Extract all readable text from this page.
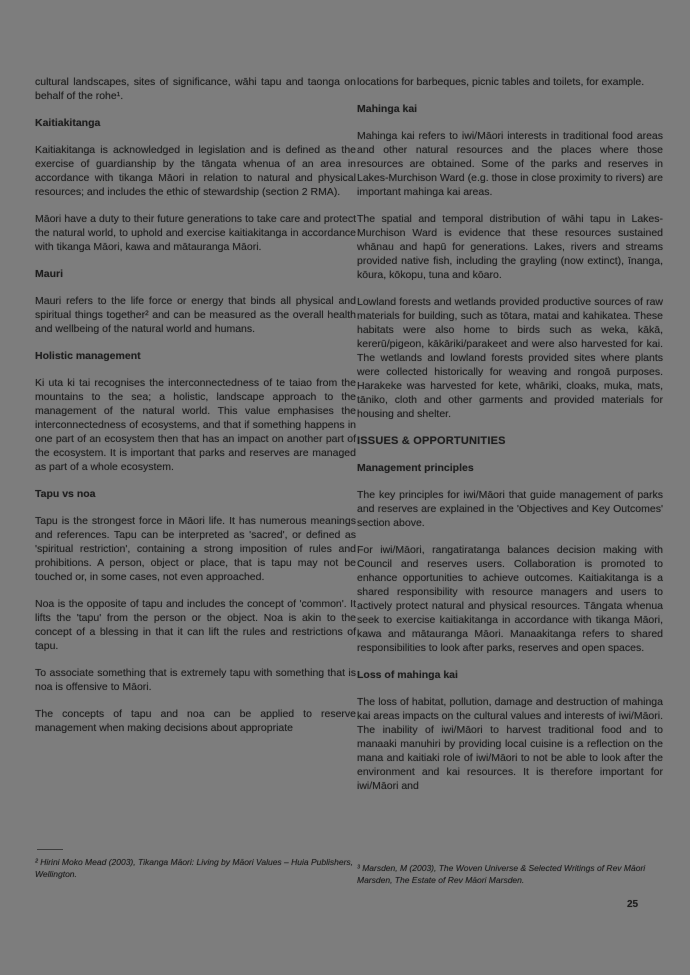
cultural landscapes, sites of significance, wāhi tapu and taonga on behalf of the rohe¹.

Kaitiakitanga

Kaitiakitanga is acknowledged in legislation and is defined as the exercise of guardianship by the tāngata whenua of an area in accordance with tikanga Māori in relation to natural and physical resources; and includes the ethic of stewardship (section 2 RMA).

Māori have a duty to their future generations to take care and protect the natural world, to uphold and exercise kaitiakitanga in accordance with tikanga Māori, kawa and mātauranga Māori.

Mauri

Mauri refers to the life force or energy that binds all physical and spiritual things together² and can be measured as the overall health and wellbeing of the natural world and humans.

Holistic management

Ki uta ki tai recognises the interconnectedness of te taiao from the mountains to the sea; a holistic, landscape approach to the management of the natural world. This value emphasises the interconnectedness of ecosystems, and that if something happens in one part of an ecosystem then that has an impact on another part of the ecosystem. It is important that parks and reserves are managed as part of a whole ecosystem.

Tapu vs noa

Tapu is the strongest force in Māori life. It has numerous meanings and references. Tapu can be interpreted as 'sacred', or defined as 'spiritual restriction', containing a strong imposition of rules and prohibitions. A person, object or place, that is tapu may not be touched or, in some cases, not even approached.

Noa is the opposite of tapu and includes the concept of 'common'. It lifts the 'tapu' from the person or the object. Noa is akin to the concept of a blessing in that it can lift the rules and restrictions of tapu.

To associate something that is extremely tapu with something that is noa is offensive to Māori.

The concepts of tapu and noa can be applied to reserve management when making decisions about appropriate

locations for barbeques, picnic tables and toilets, for example.

Mahinga kai

Mahinga kai refers to iwi/Māori interests in traditional food areas and other natural resources and the places where those resources are obtained. Some of the parks and reserves in Lakes-Murchison Ward (e.g. those in close proximity to rivers) are important mahinga kai areas.

The spatial and temporal distribution of wāhi tapu in Lakes-Murchison Ward is evidence that these resources sustained whānau and hapū for generations. Lakes, rivers and streams provided native fish, including the grayling (now extinct), īnanga, kōura, kōkopu, tuna and kōaro.

Lowland forests and wetlands provided productive sources of raw materials for building, such as tōtara, matai and kahikatea. These habitats were also home to birds such as weka, kākā, kererū/pigeon, kākāriki/parakeet and were also harvested for kai. The wetlands and lowland forests provided sites where plants were collected historically for weaving and rongoā purposes. Harakeke was harvested for kete, whāriki, cloaks, muka, mats, tāniko, cloth and other garments and provided materials for housing and shelter.

ISSUES & OPPORTUNITIES

Management principles

The key principles for iwi/Māori that guide management of parks and reserves are explained in the 'Objectives and Key Outcomes' section above.

For iwi/Māori, rangatiratanga balances decision making with Council and reserves users. Collaboration is promoted to enhance opportunities to achieve outcomes. Kaitiakitanga is a shared responsibility with resource managers and users to actively protect natural and physical resources. Tāngata whenua seek to exercise kaitiakitanga in accordance with tikanga Māori, kawa and mātauranga Māori. Manaakitanga refers to shared responsibilities to look after parks, reserves and open spaces.

Loss of mahinga kai

The loss of habitat, pollution, damage and destruction of mahinga kai areas impacts on the cultural values and interests of iwi/Māori. The inability of iwi/Māori to harvest traditional food and to manaaki manuhiri by providing local cuisine is a reflection on the mana and kaitiaki role of iwi/Māori to not be able to look after the environment and kai resources. It is therefore important for iwi/Māori and

² Hirini Moko Mead (2003), Tikanga Māori: Living by Māori Values – Huia Publishers, Wellington.
³ Marsden, M (2003), The Woven Universe & Selected Writings of Rev Māori Marsden, The Estate of Rev Māori Marsden.
25
